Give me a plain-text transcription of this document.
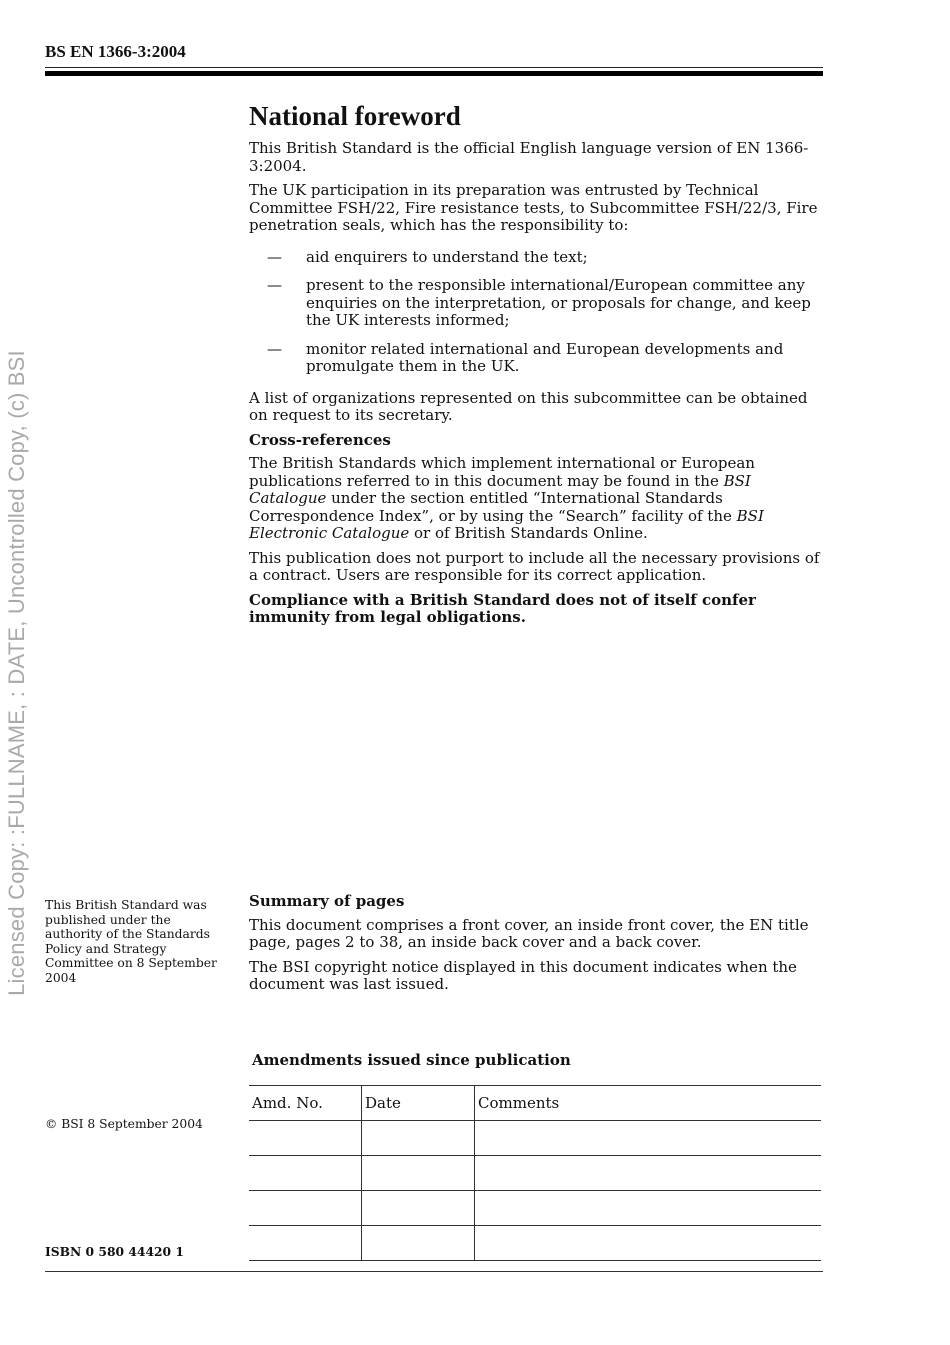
BS EN 1366-3:2004
Licensed Copy: :FULLNAME, : DATE, Uncontrolled Copy, (c) BSI
National foreword

This British Standard is the official English language version of EN 1366-3:2004.

The UK participation in its preparation was entrusted by Technical Committee FSH/22, Fire resistance tests, to Subcommittee FSH/22/3, Fire penetration seals, which has the responsibility to:

— aid enquirers to understand the text;
— present to the responsible international/European committee any enquiries on the interpretation, or proposals for change, and keep the UK interests informed;
— monitor related international and European developments and promulgate them in the UK.

A list of organizations represented on this subcommittee can be obtained on request to its secretary.

Cross-references

The British Standards which implement international or European publications referred to in this document may be found in the BSI Catalogue under the section entitled “International Standards Correspondence Index”, or by using the “Search” facility of the BSI Electronic Catalogue or of British Standards Online.

This publication does not purport to include all the necessary provisions of a contract. Users are responsible for its correct application.

Compliance with a British Standard does not of itself confer immunity from legal obligations.

This British Standard was published under the authority of the Standards Policy and Strategy Committee on 8 September 2004
Summary of pages

This document comprises a front cover, an inside front cover, the EN title page, pages 2 to 38, an inside back cover and a back cover.

The BSI copyright notice displayed in this document indicates when the document was last issued.

Amendments issued since publication
Amd. No.	Date	Comments

© BSI 8 September 2004
ISBN 0 580 44420 1
